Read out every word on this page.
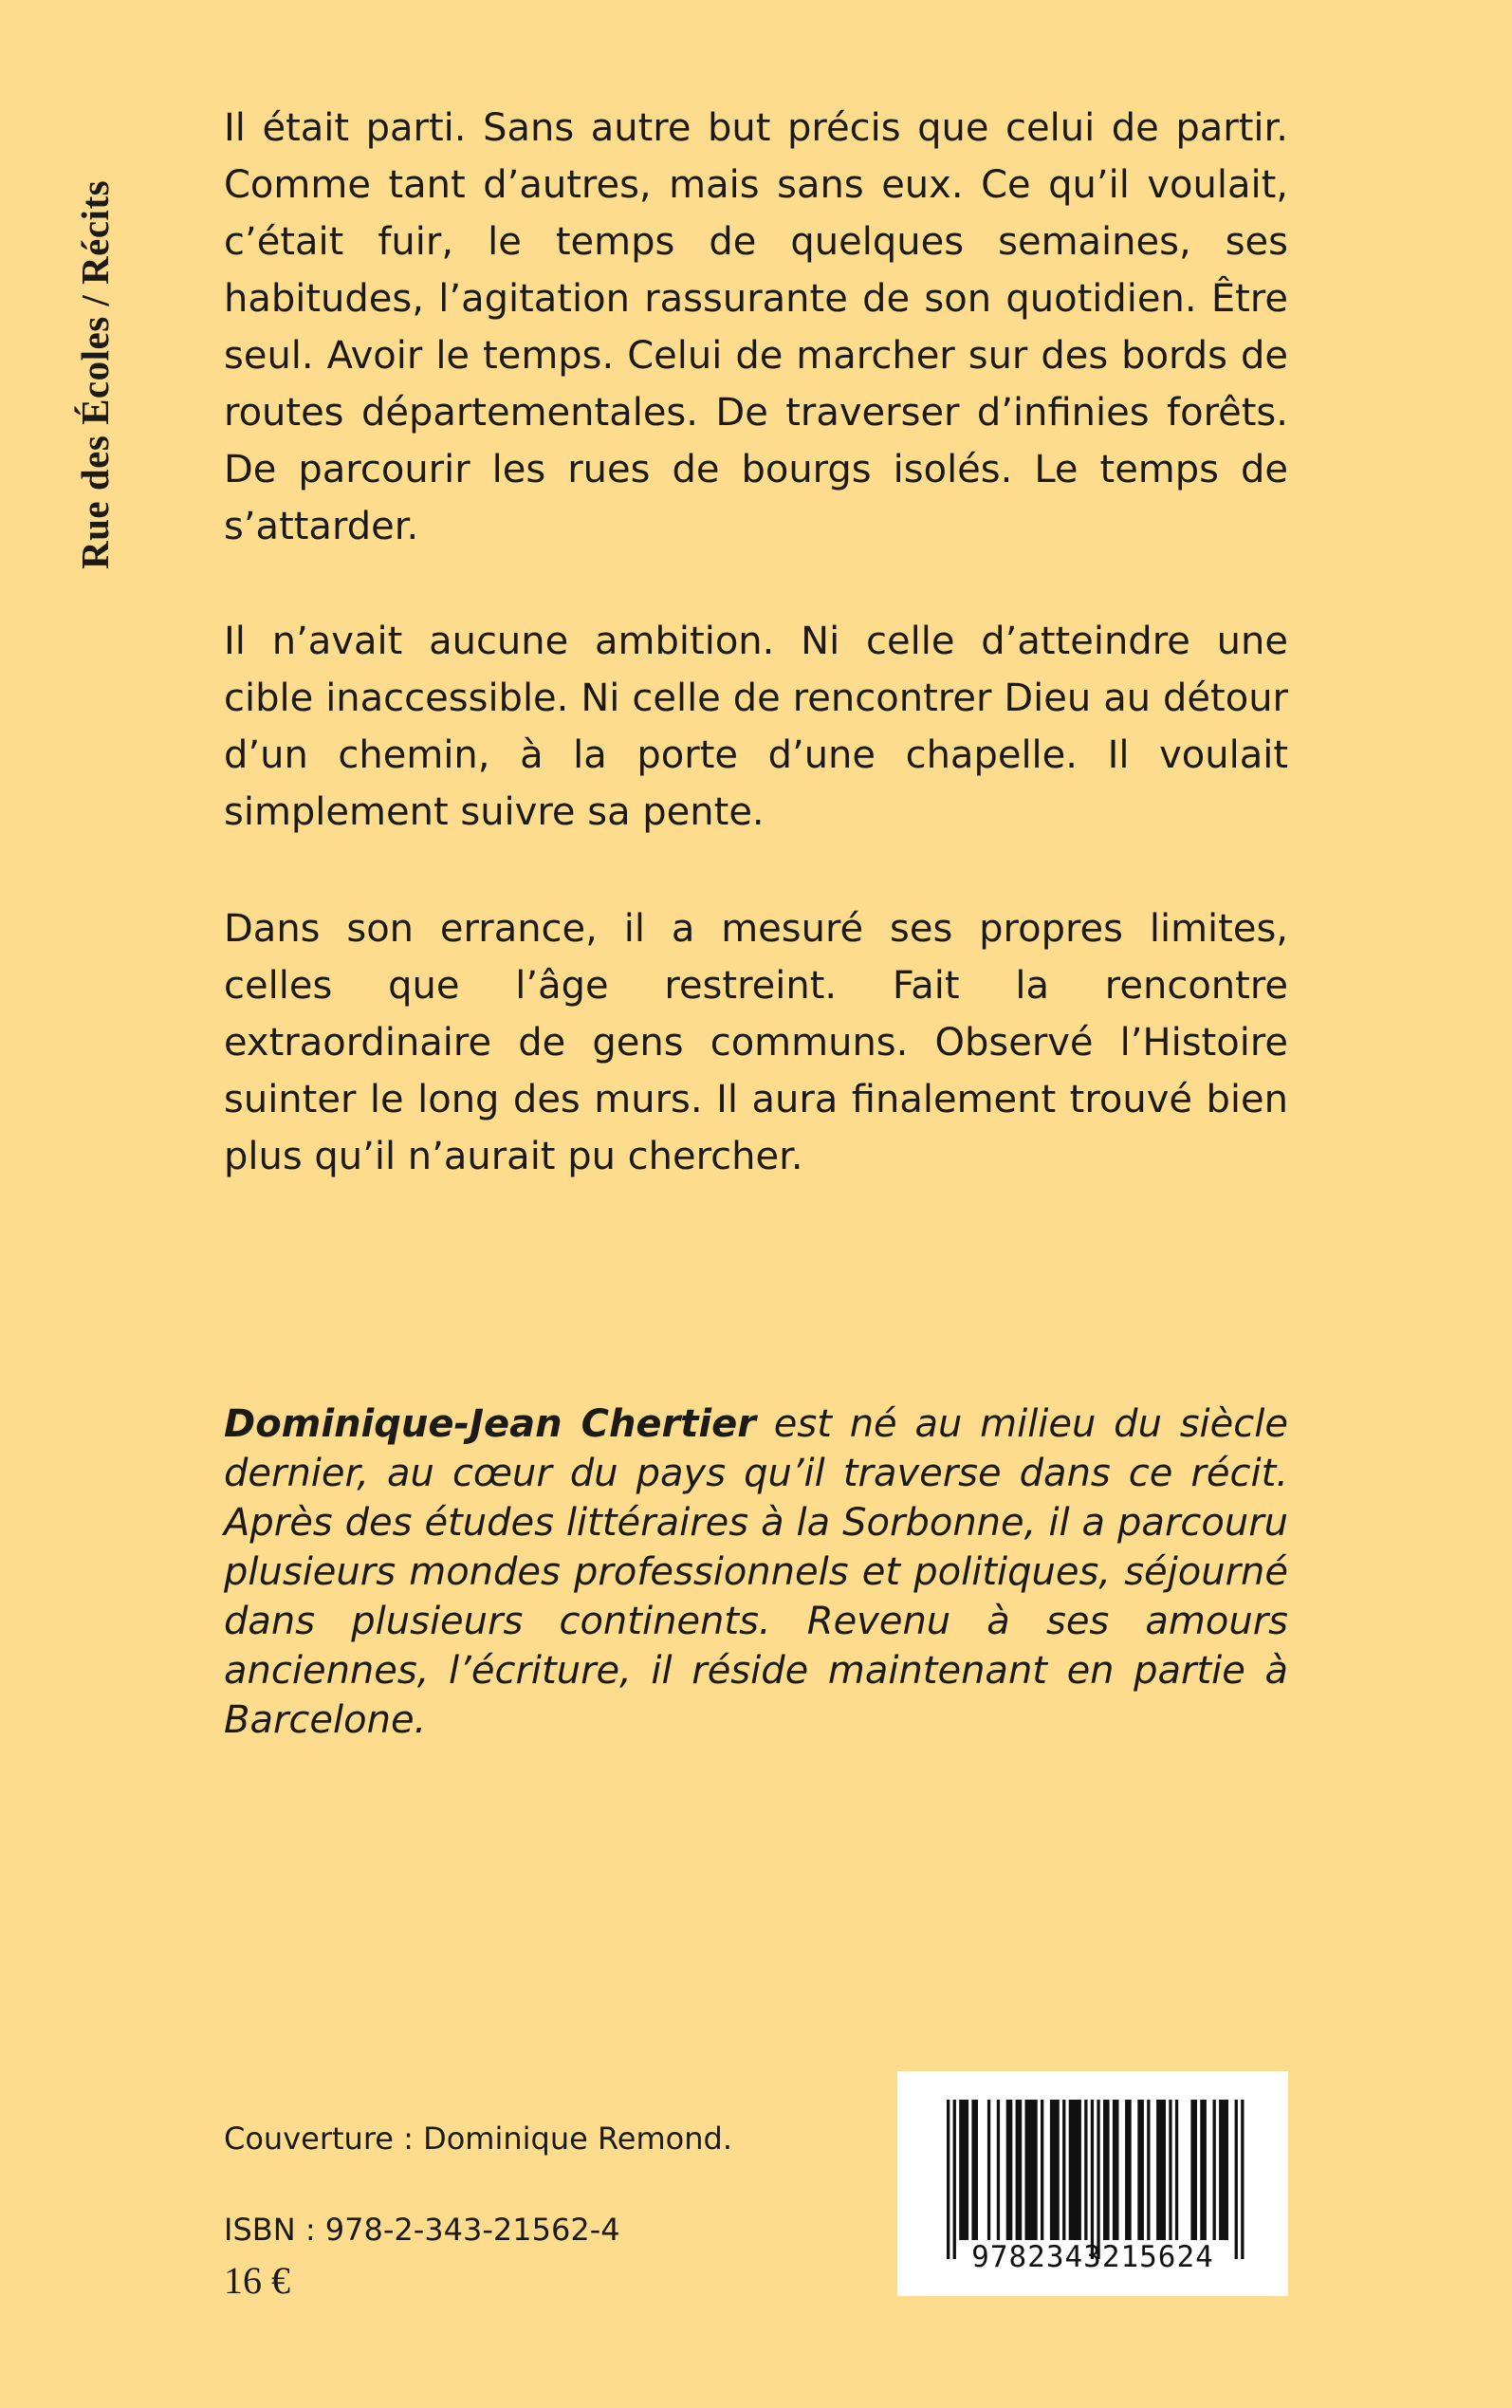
Rue des Écoles / Récits

Il était parti. Sans autre but précis que celui de partir. Comme tant d’autres, mais sans eux. Ce qu’il voulait, c’était fuir, le temps de quelques semaines, ses habitudes, l’agitation rassurante de son quotidien. Être seul. Avoir le temps. Celui de marcher sur des bords de routes départementales. De traverser d’infinies forêts. De parcourir les rues de bourgs isolés. Le temps de s’attarder.

Il n’avait aucune ambition. Ni celle d’atteindre une cible inaccessible. Ni celle de rencontrer Dieu au détour d’un chemin, à la porte d’une chapelle. Il voulait simplement suivre sa pente.

Dans son errance, il a mesuré ses propres limites, celles que l’âge restreint. Fait la rencontre extraordinaire de gens communs. Observé l’Histoire suinter le long des murs. Il aura finalement trouvé bien plus qu’il n’aurait pu chercher.

Dominique-Jean Chertier est né au milieu du siècle dernier, au cœur du pays qu’il traverse dans ce récit. Après des études littéraires à la Sorbonne, il a parcouru plusieurs mondes professionnels et politiques, séjourné dans plusieurs continents. Revenu à ses amours anciennes, l’écriture, il réside maintenant en partie à Barcelone.
Couverture : Dominique Remond.
ISBN : 978-2-343-21562-4
16 €
9782343215624
